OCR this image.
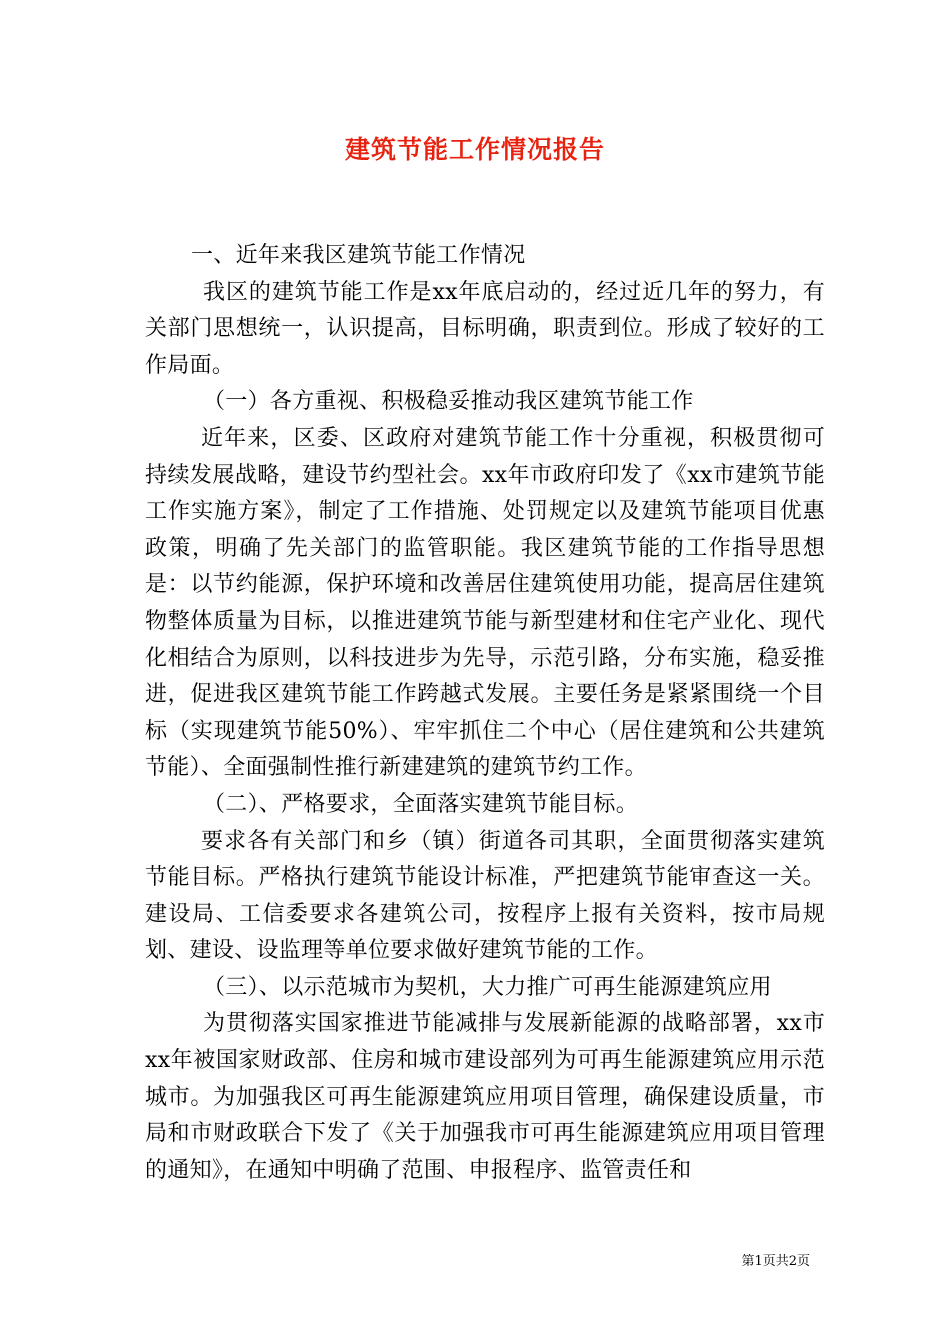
建筑节能工作情况报告

一、近年来我区建筑节能工作情况

我区的建筑节能工作是xx年底启动的，经过近几年的努力，有关部门思想统一，认识提高，目标明确，职责到位。形成了较好的工作局面。

（一）各方重视、积极稳妥推动我区建筑节能工作

近年来，区委、区政府对建筑节能工作十分重视，积极贯彻可持续发展战略，建设节约型社会。xx年市政府印发了《xx市建筑节能工作实施方案》，制定了工作措施、处罚规定以及建筑节能项目优惠政策，明确了先关部门的监管职能。我区建筑节能的工作指导思想是：以节约能源，保护环境和改善居住建筑使用功能，提高居住建筑物整体质量为目标，以推进建筑节能与新型建材和住宅产业化、现代化相结合为原则，以科技进步为先导，示范引路，分布实施，稳妥推进，促进我区建筑节能工作跨越式发展。主要任务是紧紧围绕一个目标（实现建筑节能50%）、牢牢抓住二个中心（居住建筑和公共建筑节能）、全面强制性推行新建建筑的建筑节约工作。

（二）、严格要求，全面落实建筑节能目标。

要求各有关部门和乡（镇）街道各司其职，全面贯彻落实建筑节能目标。严格执行建筑节能设计标准，严把建筑节能审查这一关。建设局、工信委要求各建筑公司，按程序上报有关资料，按市局规划、建设、设监理等单位要求做好建筑节能的工作。

（三）、以示范城市为契机，大力推广可再生能源建筑应用

为贯彻落实国家推进节能减排与发展新能源的战略部署，xx市xx年被国家财政部、住房和城市建设部列为可再生能源建筑应用示范城市。为加强我区可再生能源建筑应用项目管理，确保建设质量，市局和市财政联合下发了《关于加强我市可再生能源建筑应用项目管理的通知》，在通知中明确了范围、申报程序、监管责任和

第1页共2页
